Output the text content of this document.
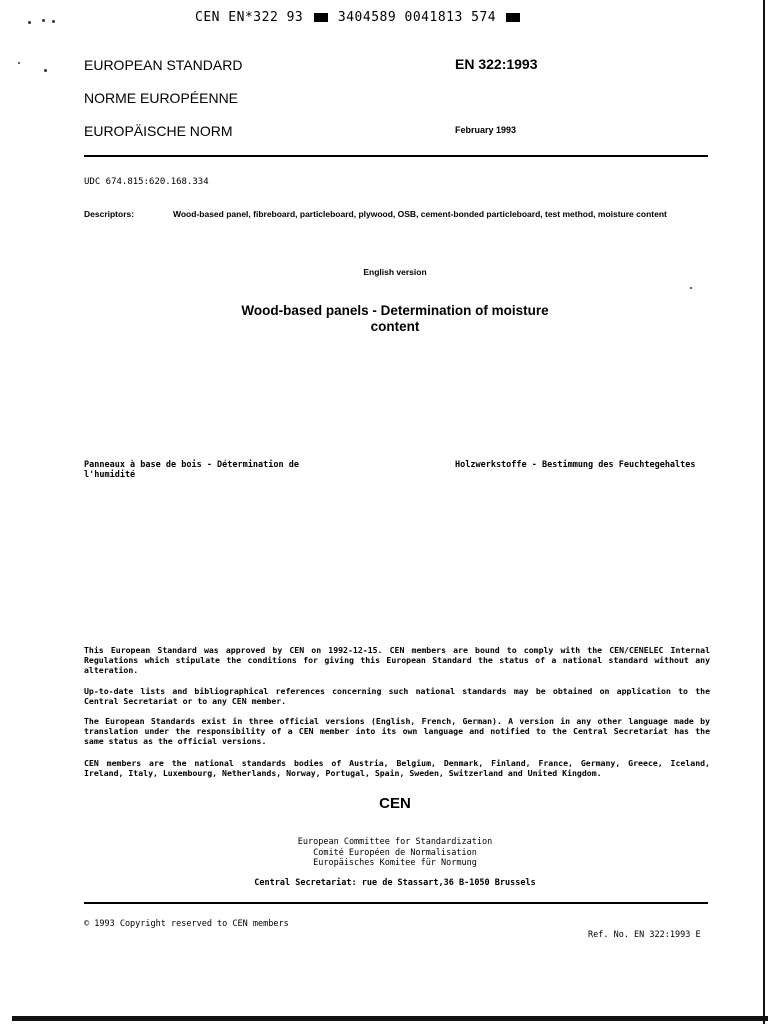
CEN EN*322 93	3404589 0041813 574
EUROPEAN STANDARD
NORME EUROPÉENNE
EUROPÄISCHE NORM
EN 322:1993
February 1993
UDC 674.815:620.168.334
Descriptors:	Wood-based panel, fibreboard, particleboard, plywood, OSB, cement-bonded particleboard, test method, moisture content
English version
Wood-based panels - Determination of moisture
content
Panneaux à base de bois - Détermination de l'humidité
Holzwerkstoffe - Bestimmung des Feuchtegehaltes
This European Standard was approved by CEN on 1992-12-15. CEN members are bound to comply with the CEN/CENELEC Internal Regulations which stipulate the conditions for giving this European Standard the status of a national standard without any alteration.
Up-to-date lists and bibliographical references concerning such national standards may be obtained on application to the Central Secretariat or to any CEN member.
The European Standards exist in three official versions (English, French, German). A version in any other language made by translation under the responsibility of a CEN member into its own language and notified to the Central Secretariat has the same status as the official versions.
CEN members are the national standards bodies of Austria, Belgium, Denmark, Finland, France, Germany, Greece, Iceland, Ireland, Italy, Luxembourg, Netherlands, Norway, Portugal, Spain, Sweden, Switzerland and United Kingdom.
CEN
European Committee for Standardization
Comité Européen de Normalisation
Europäisches Komitee für Normung
Central Secretariat: rue de Stassart,36 B-1050 Brussels
© 1993 Copyright reserved to CEN members
Ref. No. EN 322:1993 E
